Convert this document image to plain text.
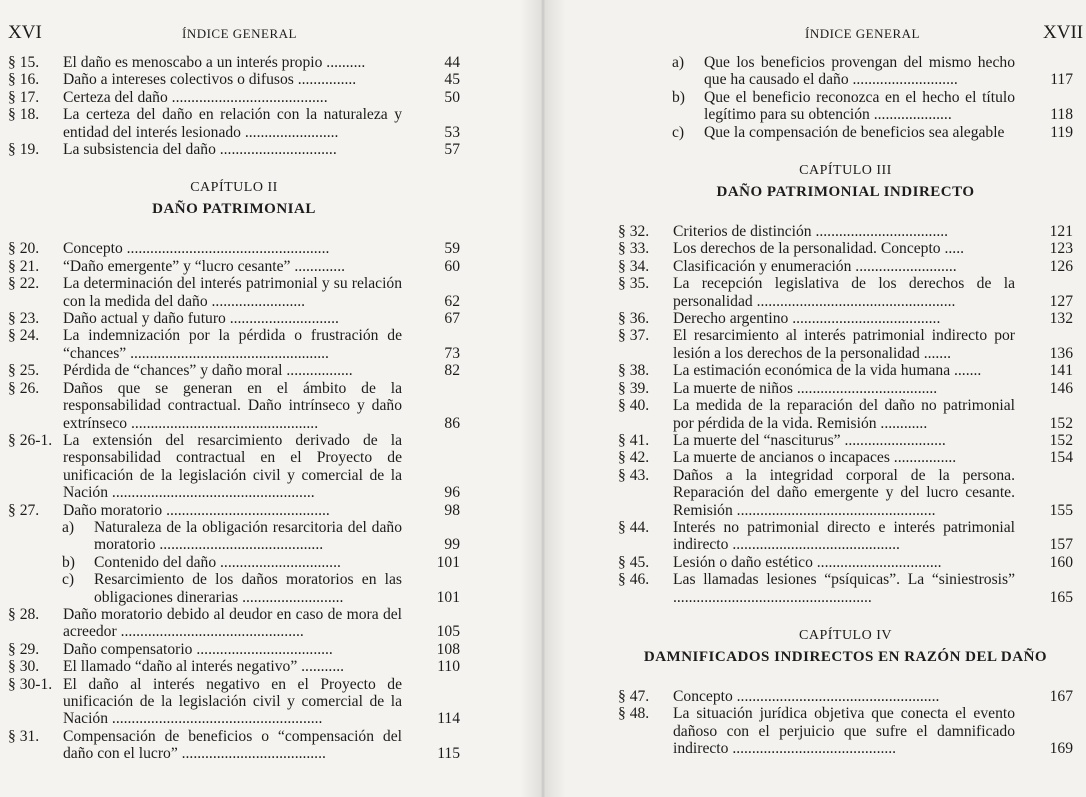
XVI	ÍNDICE GENERAL
§ 15. El daño es menoscabo a un interés propio ..........	44
§ 16. Daño a intereses colectivos o difusos ...............	45
§ 17. Certeza del daño ........................................	50
§ 18. La certeza del daño en relación con la naturaleza y entidad del interés lesionado ........................	53
§ 19. La subsistencia del daño ..............................	57
CAPÍTULO II
DAÑO PATRIMONIAL
§ 20. Concepto ....................................................	59
§ 21. “Daño emergente” y “lucro cesante” .............	60
§ 22. La determinación del interés patrimonial y su relación con la medida del daño ........................	62
§ 23. Daño actual y daño futuro ............................	67
§ 24. La indemnización por la pérdida o frustración de “chances” ...................................................	73
§ 25. Pérdida de “chances” y daño moral .................	82
§ 26. Daños que se generan en el ámbito de la responsabilidad contractual. Daño intrínseco y daño extrínseco ................................................	86
§ 26-1. La extensión del resarcimiento derivado de la responsabilidad contractual en el Proyecto de unificación de la legislación civil y comercial de la Nación ....................................................	96
§ 27. Daño moratorio ..........................................	98
a) Naturaleza de la obligación resarcitoria del daño moratorio ..........................................	99
b) Contenido del daño ...............................	101
c) Resarcimiento de los daños moratorios en las obligaciones dinerarias ..........................	101
§ 28. Daño moratorio debido al deudor en caso de mora del acreedor ...............................................	105
§ 29. Daño compensatorio ...................................	108
§ 30. El llamado “daño al interés negativo” ...........	110
§ 30-1. El daño al interés negativo en el Proyecto de unificación de la legislación civil y comercial de la Nación ......................................................	114
§ 31. Compensación de beneficios o “compensación del daño con el lucro” .....................................	115
ÍNDICE GENERAL	XVII
a) Que los beneficios provengan del mismo hecho que ha causado el daño ...........................	117
b) Que el beneficio reconozca en el hecho el título legítimo para su obtención ....................	118
c) Que la compensación de beneficios sea alegable	119
CAPÍTULO III
DAÑO PATRIMONIAL INDIRECTO
§ 32. Criterios de distinción ..................................	121
§ 33. Los derechos de la personalidad. Concepto .....	123
§ 34. Clasificación y enumeración ..........................	126
§ 35. La recepción legislativa de los derechos de la personalidad ...................................................	127
§ 36. Derecho argentino ......................................	132
§ 37. El resarcimiento al interés patrimonial indirecto por lesión a los derechos de la personalidad .......	136
§ 38. La estimación económica de la vida humana .......	141
§ 39. La muerte de niños ....................................	146
§ 40. La medida de la reparación del daño no patrimonial por pérdida de la vida. Remisión ............	152
§ 41. La muerte del “nasciturus” ..........................	152
§ 42. La muerte de ancianos o incapaces ................	154
§ 43. Daños a la integridad corporal de la persona. Reparación del daño emergente y del lucro cesante. Remisión ...................................................	155
§ 44. Interés no patrimonial directo e interés patrimonial indirecto ...........................................	157
§ 45. Lesión o daño estético ................................	160
§ 46. Las llamadas lesiones “psíquicas”. La “siniestrosis” ...................................................	165
CAPÍTULO IV
DAMNIFICADOS INDIRECTOS EN RAZÓN DEL DAÑO
§ 47. Concepto ....................................................	167
§ 48. La situación jurídica objetiva que conecta el evento dañoso con el perjuicio que sufre el damnificado indirecto ..........................................	169
